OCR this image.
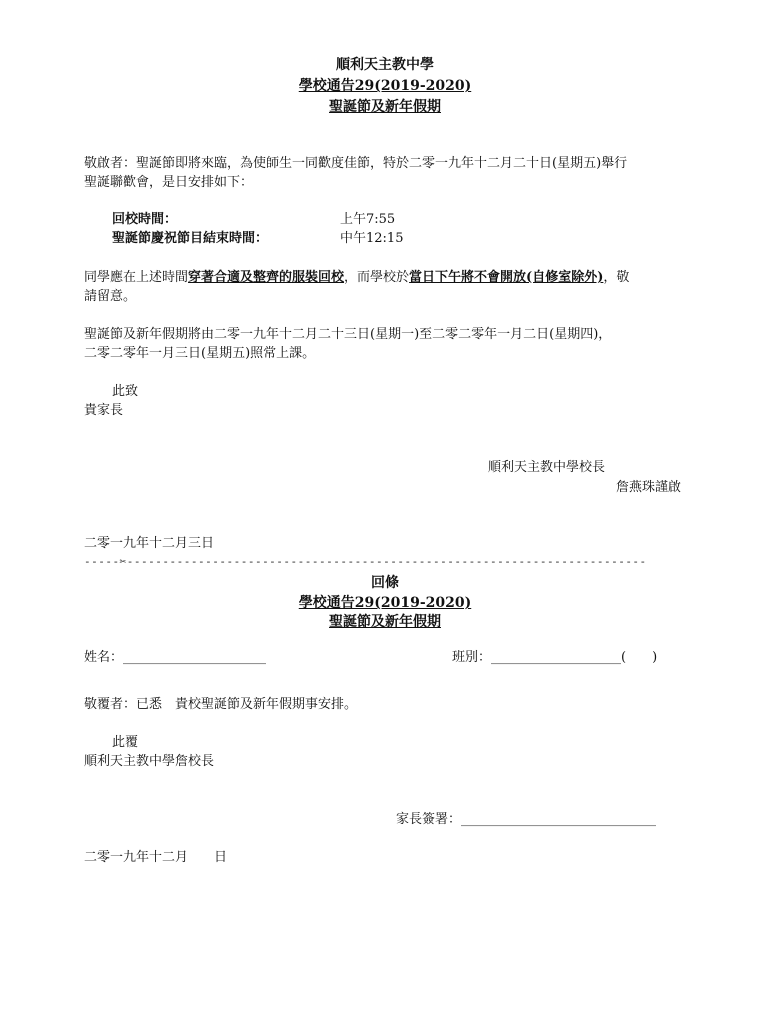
順利天主教中學
學校通告29(2019-2020)
聖誕節及新年假期
敬啟者：聖誕節即將來臨，為使師生一同歡度佳節，特於二零一九年十二月二十日(星期五)舉行
聖誕聯歡會，是日安排如下：
回校時間：	上午7:55
聖誕節慶祝節目結束時間：	中午12:15
同學應在上述時間穿著合適及整齊的服裝回校，而學校於當日下午將不會開放(自修室除外)，敬
請留意。
聖誕節及新年假期將由二零一九年十二月二十三日(星期一)至二零二零年一月二日(星期四)，
二零二零年一月三日(星期五)照常上課。
此致
貴家長
順利天主教中學校長
詹燕珠謹啟
二零一九年十二月三日
-----✂-------------------------------------------------------------------------
回條
學校通告29(2019-2020)
聖誕節及新年假期
姓名：______________________	班別：____________________(　　)
敬覆者：已悉　貴校聖誕節及新年假期事安排。
此覆
順利天主教中學詹校長
家長簽署：______________________________
二零一九年十二月　　日
